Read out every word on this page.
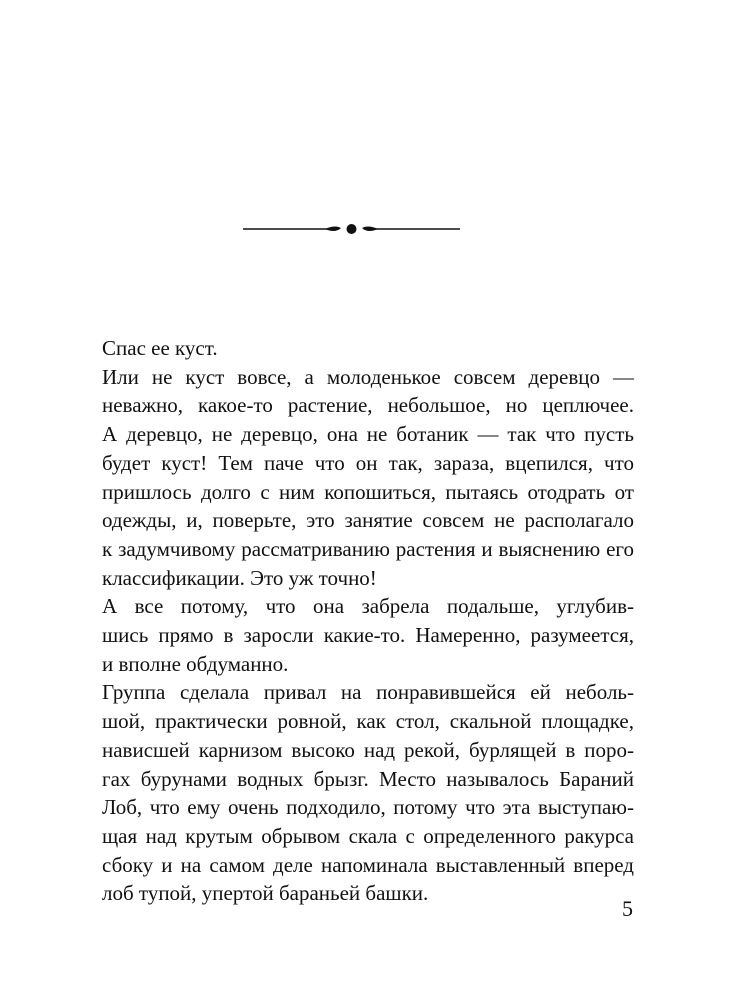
Спас ее куст.

Или не куст вовсе, а молоденькое совсем деревцо —
неважно, какое-то растение, небольшое, но цеплючее.
А деревцо, не деревцо, она не ботаник — так что пусть
будет куст! Тем паче что он так, зараза, вцепился, что
пришлось долго с ним копошиться, пытаясь отодрать от
одежды, и, поверьте, это занятие совсем не располагало
к задумчивому рассматриванию растения и выяснению его
классификации. Это уж точно!

А все потому, что она забрела подальше, углубив-
шись прямо в заросли какие-то. Намеренно, разумеется,
и вполне обдуманно.

Группа сделала привал на понравившейся ей неболь-
шой, практически ровной, как стол, скальной площадке,
нависшей карнизом высоко над рекой, бурлящей в поро-
гах бурунами водных брызг. Место называлось Бараний
Лоб, что ему очень подходило, потому что эта выступаю-
щая над крутым обрывом скала с определенного ракурса
сбоку и на самом деле напоминала выставленный вперед
лоб тупой, упертой бараньей башки.

5
